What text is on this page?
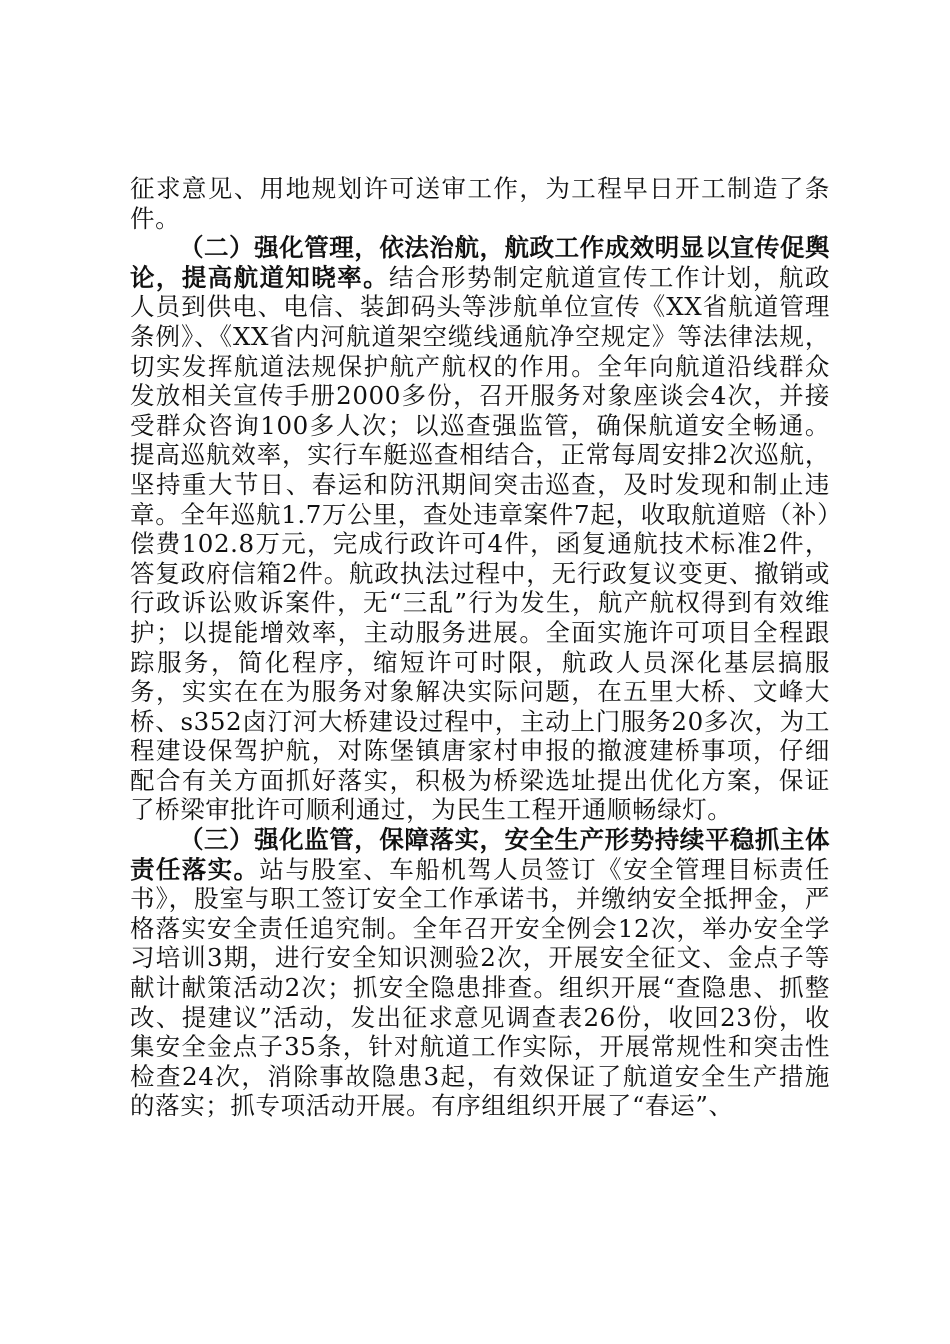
征求意见、用地规划许可送审工作，为工程早日开工制造了条件。

（二）强化管理，依法治航，航政工作成效明显以宣传促舆论，提高航道知晓率。结合形势制定航道宣传工作计划，航政人员到供电、电信、装卸码头等涉航单位宣传《XX省航道管理条例》、《XX省内河航道架空缆线通航净空规定》等法律法规，切实发挥航道法规保护航产航权的作用。全年向航道沿线群众发放相关宣传手册2000多份，召开服务对象座谈会4次，并接受群众咨询100多人次；以巡查强监管，确保航道安全畅通。提高巡航效率，实行车艇巡查相结合，正常每周安排2次巡航，坚持重大节日、春运和防汛期间突击巡查，及时发现和制止违章。全年巡航1.7万公里，查处违章案件7起，收取航道赔（补）偿费102.8万元，完成行政许可4件，函复通航技术标准2件，答复政府信箱2件。航政执法过程中，无行政复议变更、撤销或行政诉讼败诉案件，无“三乱”行为发生，航产航权得到有效维护；以提能增效率，主动服务进展。全面实施许可项目全程跟踪服务，简化程序，缩短许可时限，航政人员深化基层搞服务，实实在在为服务对象解决实际问题，在五里大桥、文峰大桥、s352卤汀河大桥建设过程中，主动上门服务20多次，为工程建设保驾护航，对陈堡镇唐家村申报的撤渡建桥事项，仔细配合有关方面抓好落实，积极为桥梁选址提出优化方案，保证了桥梁审批许可顺利通过，为民生工程开通顺畅绿灯。

（三）强化监管，保障落实，安全生产形势持续平稳抓主体责任落实。站与股室、车船机驾人员签订《安全管理目标责任书》，股室与职工签订安全工作承诺书，并缴纳安全抵押金，严格落实安全责任追究制。全年召开安全例会12次，举办安全学习培训3期，进行安全知识测验2次，开展安全征文、金点子等献计献策活动2次；抓安全隐患排查。组织开展“查隐患、抓整改、提建议”活动，发出征求意见调查表26份，收回23份，收集安全金点子35条，针对航道工作实际，开展常规性和突击性检查24次，消除事故隐患3起，有效保证了航道安全生产措施的落实；抓专项活动开展。有序组组织开展了“春运”、
